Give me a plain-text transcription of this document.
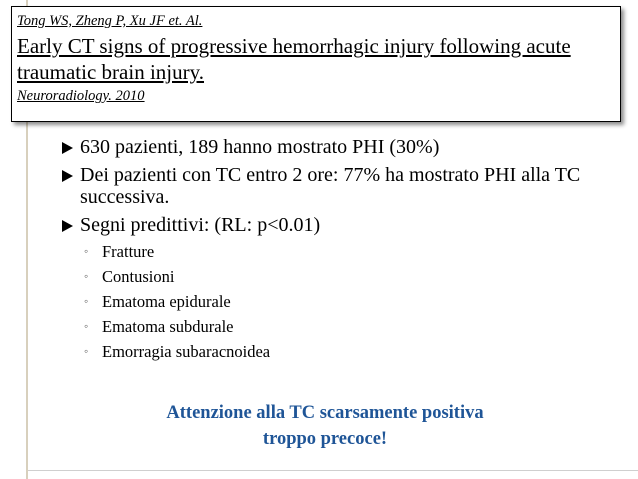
Tong WS, Zheng P, Xu JF et. Al.
Early CT signs of progressive hemorrhagic injury following acute traumatic brain injury.
Neuroradiology. 2010
630 pazienti, 189 hanno mostrato PHI (30%)
Dei pazienti con TC entro 2 ore: 77% ha mostrato PHI alla TC successiva.
Segni predittivi: (RL: p<0.01)
◦ Fratture
◦ Contusioni
◦ Ematoma epidurale
◦ Ematoma subdurale
◦ Emorragia subaracnoidea
Attenzione alla TC scarsamente positiva
troppo precoce!
